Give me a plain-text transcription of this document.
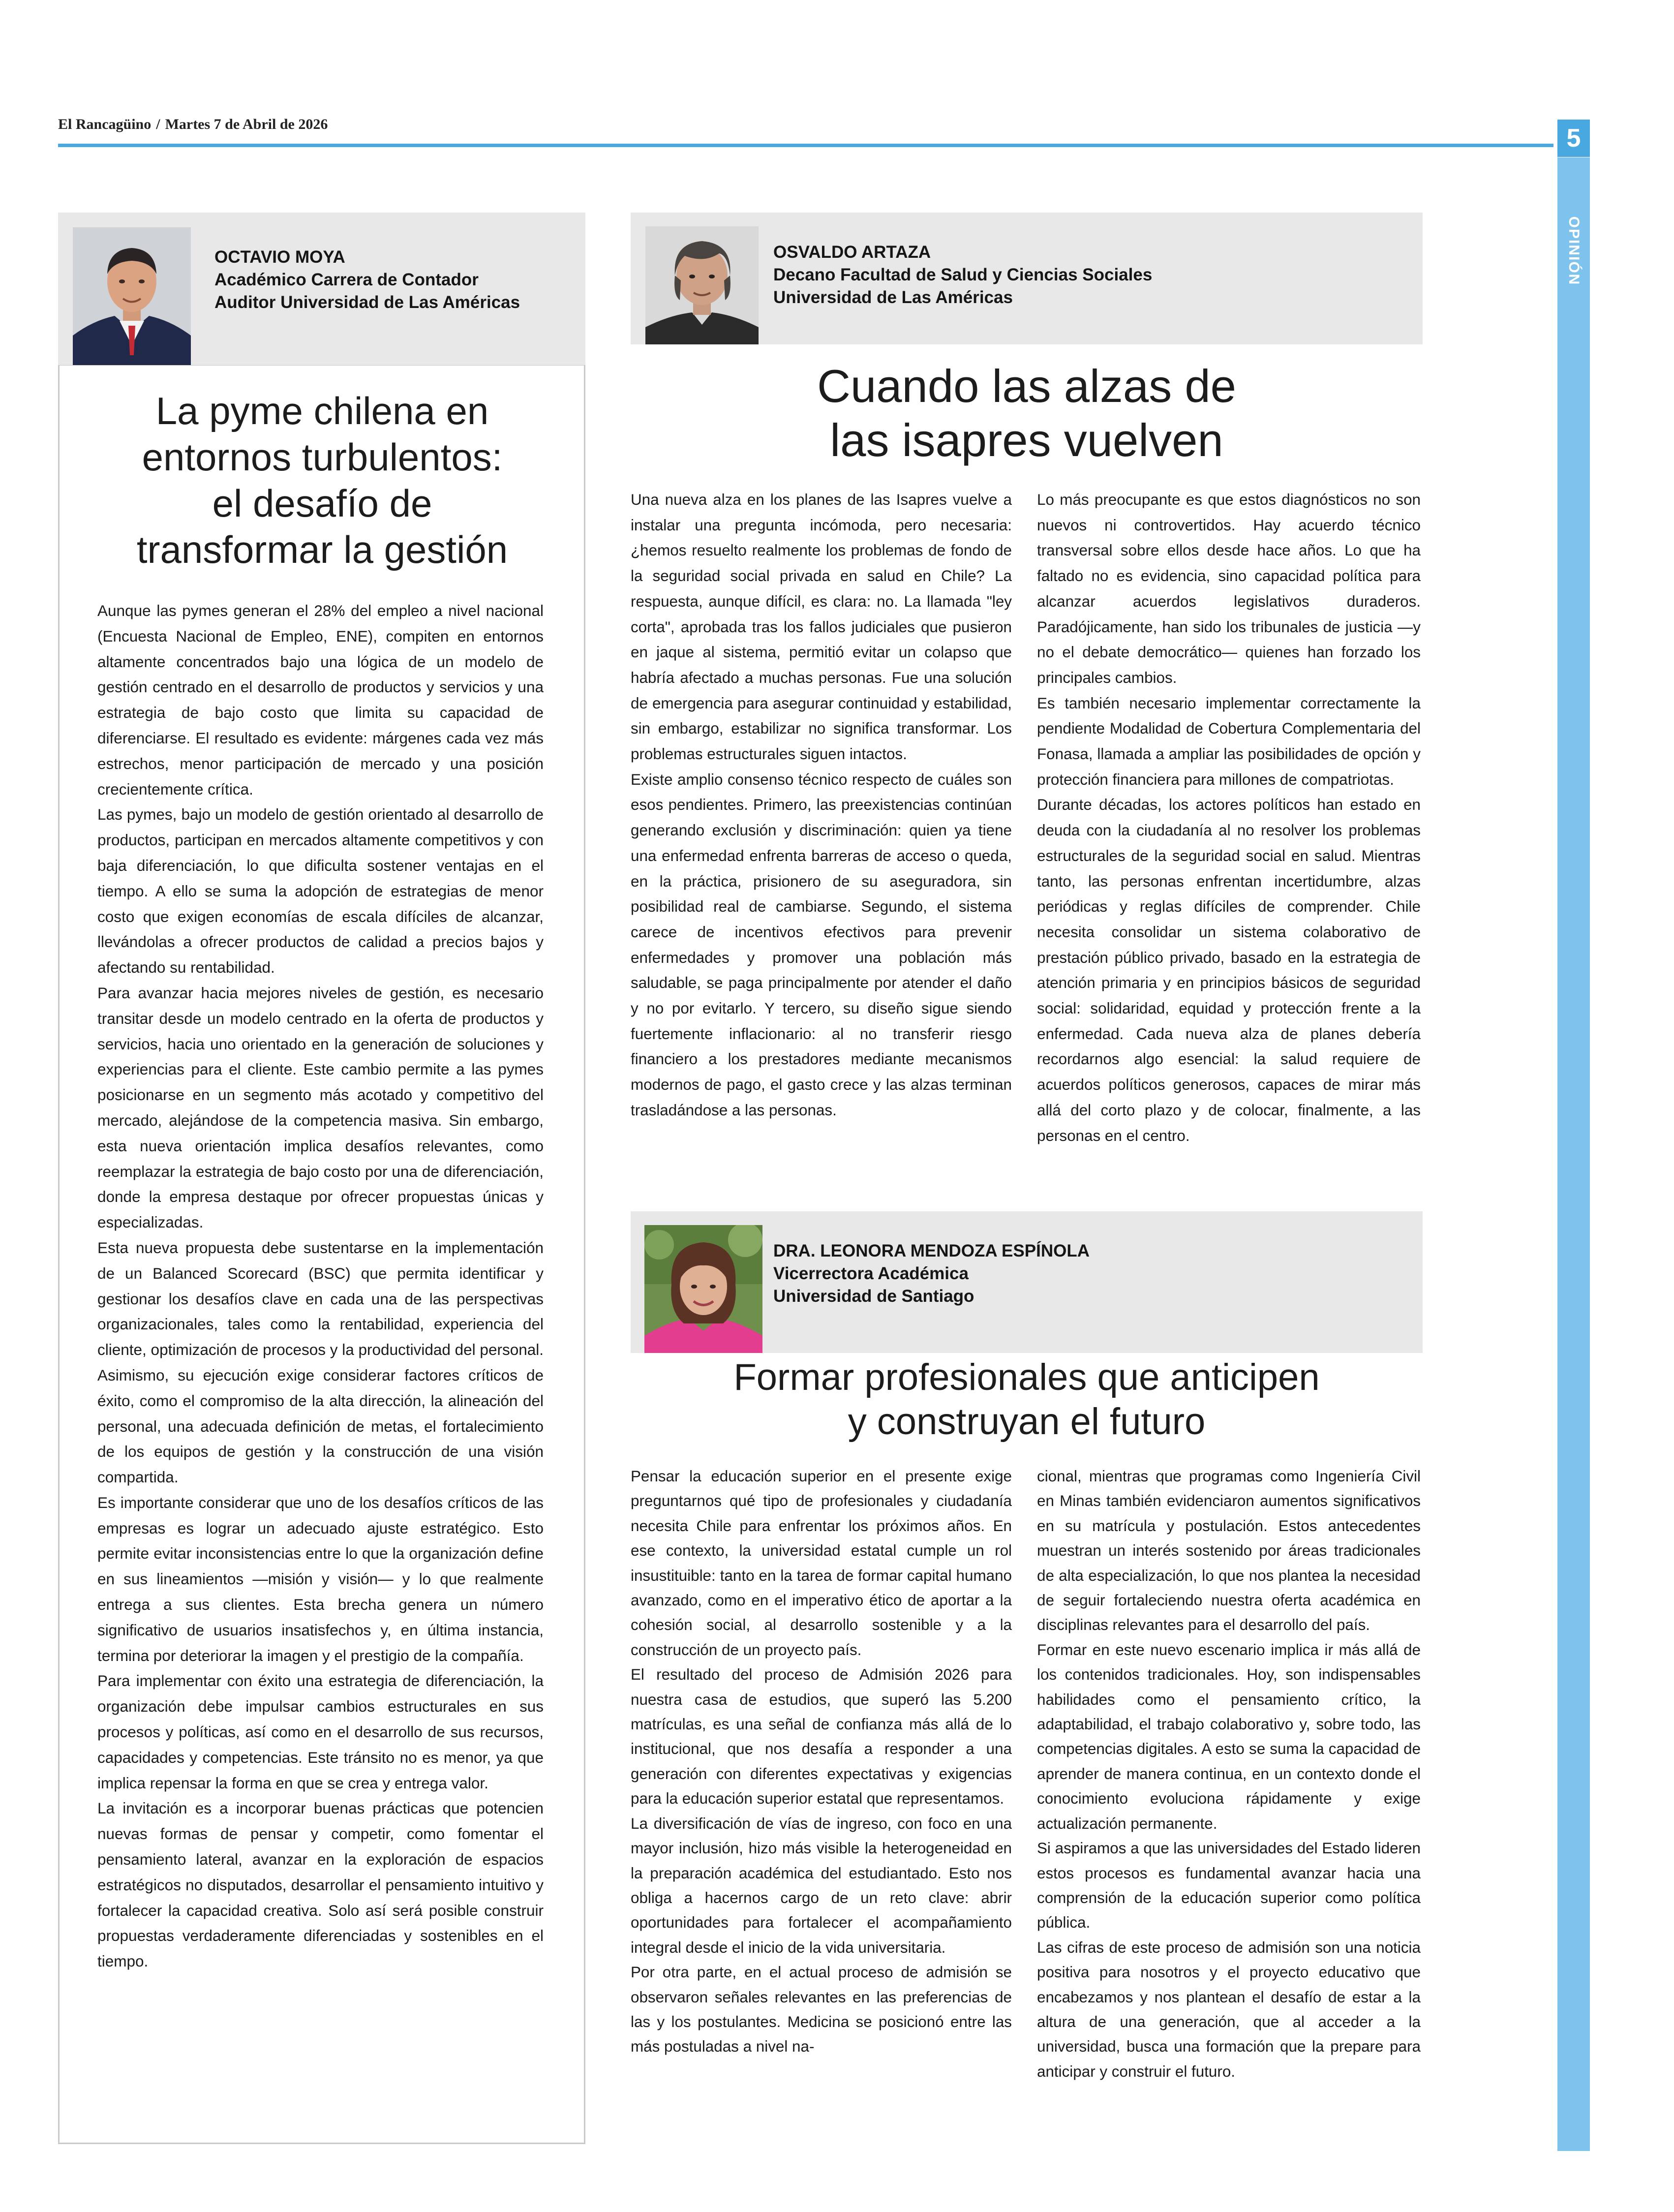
El Rancagüino / Martes 7 de Abril de 2026	5
OPINIÓN
OCTAVIO MOYA
Académico Carrera de Contador
Auditor Universidad de Las Américas
La pyme chilena en
entornos turbulentos:
el desafío de
transformar la gestión

Aunque las pymes generan el 28% del empleo a nivel nacional (Encuesta Nacional de Empleo, ENE), compiten en entornos altamente concentrados bajo una lógica de un modelo de gestión centrado en el desarrollo de productos y servicios y una estrategia de bajo costo que limita su capacidad de diferenciarse. El resultado es evidente: márgenes cada vez más estrechos, menor participación de mercado y una posición crecientemente crítica.

Las pymes, bajo un modelo de gestión orientado al desarrollo de productos, participan en mercados altamente competitivos y con baja diferenciación, lo que dificulta sostener ventajas en el tiempo. A ello se suma la adopción de estrategias de menor costo que exigen economías de escala difíciles de alcanzar, llevándolas a ofrecer productos de calidad a precios bajos y afectando su rentabilidad.

Para avanzar hacia mejores niveles de gestión, es necesario transitar desde un modelo centrado en la oferta de productos y servicios, hacia uno orientado en la generación de soluciones y experiencias para el cliente. Este cambio permite a las pymes posicionarse en un segmento más acotado y competitivo del mercado, alejándose de la competencia masiva. Sin embargo, esta nueva orientación implica desafíos relevantes, como reemplazar la estrategia de bajo costo por una de diferenciación, donde la empresa destaque por ofrecer propuestas únicas y especializadas.

Esta nueva propuesta debe sustentarse en la implementación de un Balanced Scorecard (BSC) que permita identificar y gestionar los desafíos clave en cada una de las perspectivas organizacionales, tales como la rentabilidad, experiencia del cliente, optimización de procesos y la productividad del personal. Asimismo, su ejecución exige considerar factores críticos de éxito, como el compromiso de la alta dirección, la alineación del personal, una adecuada definición de metas, el fortalecimiento de los equipos de gestión y la construcción de una visión compartida.

Es importante considerar que uno de los desafíos críticos de las empresas es lograr un adecuado ajuste estratégico. Esto permite evitar inconsistencias entre lo que la organización define en sus lineamientos —misión y visión— y lo que realmente entrega a sus clientes. Esta brecha genera un número significativo de usuarios insatisfechos y, en última instancia, termina por deteriorar la imagen y el prestigio de la compañía.

Para implementar con éxito una estrategia de diferenciación, la organización debe impulsar cambios estructurales en sus procesos y políticas, así como en el desarrollo de sus recursos, capacidades y competencias. Este tránsito no es menor, ya que implica repensar la forma en que se crea y entrega valor.

La invitación es a incorporar buenas prácticas que potencien nuevas formas de pensar y competir, como fomentar el pensamiento lateral, avanzar en la exploración de espacios estratégicos no disputados, desarrollar el pensamiento intuitivo y fortalecer la capacidad creativa. Solo así será posible construir propuestas verdaderamente diferenciadas y sostenibles en el tiempo.

OSVALDO ARTAZA
Decano Facultad de Salud y Ciencias Sociales
Universidad de Las Américas
Cuando las alzas de
las isapres vuelven

Una nueva alza en los planes de las Isapres vuelve a instalar una pregunta incómoda, pero necesaria: ¿hemos resuelto realmente los problemas de fondo de la seguridad social privada en salud en Chile? La respuesta, aunque difícil, es clara: no. La llamada "ley corta", aprobada tras los fallos judiciales que pusieron en jaque al sistema, permitió evitar un colapso que habría afectado a muchas personas. Fue una solución de emergencia para asegurar continuidad y estabilidad, sin embargo, estabilizar no significa transformar. Los problemas estructurales siguen intactos.

Existe amplio consenso técnico respecto de cuáles son esos pendientes. Primero, las preexistencias continúan generando exclusión y discriminación: quien ya tiene una enfermedad enfrenta barreras de acceso o queda, en la práctica, prisionero de su aseguradora, sin posibilidad real de cambiarse. Segundo, el sistema carece de incentivos efectivos para prevenir enfermedades y promover una población más saludable, se paga principalmente por atender el daño y no por evitarlo. Y tercero, su diseño sigue siendo fuertemente inflacionario: al no transferir riesgo financiero a los prestadores mediante mecanismos modernos de pago, el gasto crece y las alzas terminan trasladándose a las personas.

Lo más preocupante es que estos diagnósticos no son nuevos ni controvertidos. Hay acuerdo técnico transversal sobre ellos desde hace años. Lo que ha faltado no es evidencia, sino capacidad política para alcanzar acuerdos legislativos duraderos. Paradójicamente, han sido los tribunales de justicia —y no el debate democrático— quienes han forzado los principales cambios.

Es también necesario implementar correctamente la pendiente Modalidad de Cobertura Complementaria del Fonasa, llamada a ampliar las posibilidades de opción y protección financiera para millones de compatriotas.

Durante décadas, los actores políticos han estado en deuda con la ciudadanía al no resolver los problemas estructurales de la seguridad social en salud. Mientras tanto, las personas enfrentan incertidumbre, alzas periódicas y reglas difíciles de comprender. Chile necesita consolidar un sistema colaborativo de prestación público privado, basado en la estrategia de atención primaria y en principios básicos de seguridad social: solidaridad, equidad y protección frente a la enfermedad. Cada nueva alza de planes debería recordarnos algo esencial: la salud requiere de acuerdos políticos generosos, capaces de mirar más allá del corto plazo y de colocar, finalmente, a las personas en el centro.

DRA. LEONORA MENDOZA ESPÍNOLA
Vicerrectora Académica
Universidad de Santiago
Formar profesionales que anticipen
y construyan el futuro

Pensar la educación superior en el presente exige preguntarnos qué tipo de profesionales y ciudadanía necesita Chile para enfrentar los próximos años. En ese contexto, la universidad estatal cumple un rol insustituible: tanto en la tarea de formar capital humano avanzado, como en el imperativo ético de aportar a la cohesión social, al desarrollo sostenible y a la construcción de un proyecto país.

El resultado del proceso de Admisión 2026 para nuestra casa de estudios, que superó las 5.200 matrículas, es una señal de confianza más allá de lo institucional, que nos desafía a responder a una generación con diferentes expectativas y exigencias para la educación superior estatal que representamos.

La diversificación de vías de ingreso, con foco en una mayor inclusión, hizo más visible la heterogeneidad en la preparación académica del estudiantado. Esto nos obliga a hacernos cargo de un reto clave: abrir oportunidades para fortalecer el acompañamiento integral desde el inicio de la vida universitaria.

Por otra parte, en el actual proceso de admisión se observaron señales relevantes en las preferencias de las y los postulantes. Medicina se posicionó entre las más postuladas a nivel na-

cional, mientras que programas como Ingeniería Civil en Minas también evidenciaron aumentos significativos en su matrícula y postulación. Estos antecedentes muestran un interés sostenido por áreas tradicionales de alta especialización, lo que nos plantea la necesidad de seguir fortaleciendo nuestra oferta académica en disciplinas relevantes para el desarrollo del país.

Formar en este nuevo escenario implica ir más allá de los contenidos tradicionales. Hoy, son indispensables habilidades como el pensamiento crítico, la adaptabilidad, el trabajo colaborativo y, sobre todo, las competencias digitales. A esto se suma la capacidad de aprender de manera continua, en un contexto donde el conocimiento evoluciona rápidamente y exige actualización permanente.

Si aspiramos a que las universidades del Estado lideren estos procesos es fundamental avanzar hacia una comprensión de la educación superior como política pública.

Las cifras de este proceso de admisión son una noticia positiva para nosotros y el proyecto educativo que encabezamos y nos plantean el desafío de estar a la altura de una generación, que al acceder a la universidad, busca una formación que la prepare para anticipar y construir el futuro.
